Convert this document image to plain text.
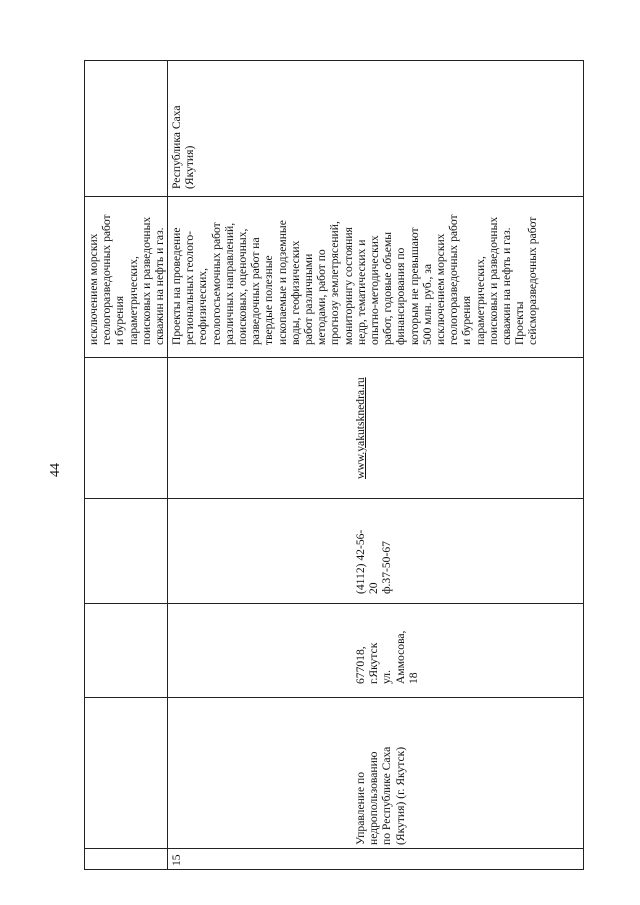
44
исключением морских
геологоразведочных работ
и бурения
параметрических,
поисковых и разведочных
скважин на нефть и газ.
15
Управление по
недропользованию
по Республике Саха
(Якутия) (г. Якутск)
677018,
г.Якутск
ул.
Аммосова,
18
(4112) 42-56-
20
ф.37-50-67
www.yakutsknedra.ru
Проекты на проведение
региональных геолого-
геофизических,
геологосъемочных работ
различных направлений,
поисковых, оценочных,
разведочных работ на
твердые полезные
ископаемые и подземные
воды, геофизических
работ различными
методами, работ по
прогнозу землетрясений,
мониторингу состояния
недр, тематических и
опытно-методических
работ, годовые объемы
финансирования по
которым не превышают
500 млн. руб., за
исключением морских
геологоразведочных работ
и бурения
параметрических,
поисковых и разведочных
скважин на нефть и газ.
Проекты
сейсморазведочных работ
Республика Саха
(Якутия)
